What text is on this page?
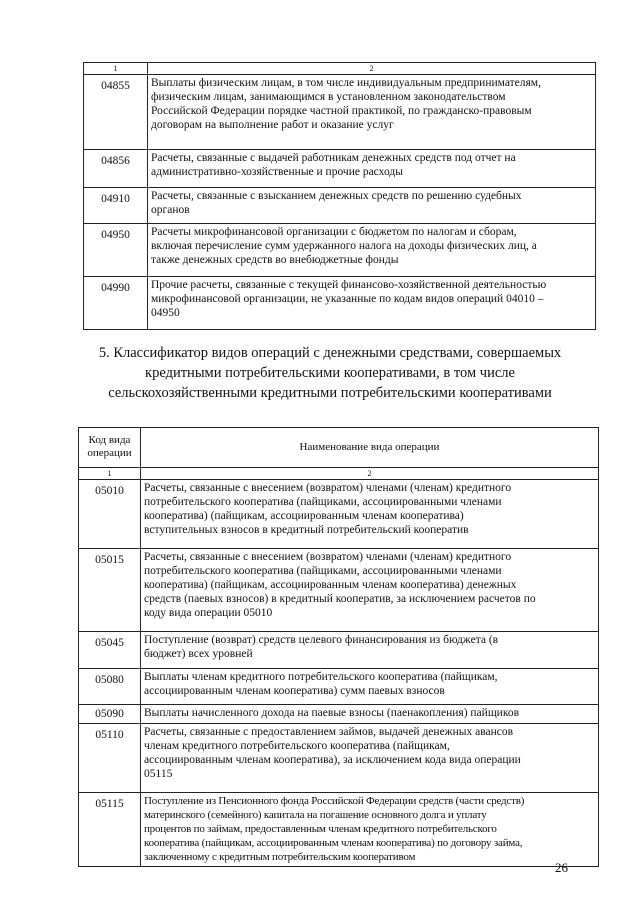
1	2
04855	Выплаты физическим лицам, в том числе индивидуальным предпринимателям,
физическим лицам, занимающимся в установленном законодательством
Российской Федерации порядке частной практикой, по гражданско-правовым
договорам на выполнение работ и оказание услуг
04856	Расчеты, связанные с выдачей работникам денежных средств под отчет на
административно-хозяйственные и прочие расходы
04910	Расчеты, связанные с взысканием денежных средств по решению судебных
органов
04950	Расчеты микрофинансовой организации с бюджетом по налогам и сборам,
включая перечисление сумм удержанного налога на доходы физических лиц, а
также денежных средств во внебюджетные фонды
04990	Прочие расчеты, связанные с текущей финансово-хозяйственной деятельностью
микрофинансовой организации, не указанные по кодам видов операций 04010 –
04950
5. Классификатор видов операций с денежными средствами, совершаемых
кредитными потребительскими кооперативами, в том числе
сельскохозяйственными кредитными потребительскими кооперативами
Код вида
операции	Наименование вида операции
1	2
05010	Расчеты, связанные с внесением (возвратом) членами (членам) кредитного
потребительского кооператива (пайщиками, ассоциированными членами
кооператива) (пайщикам, ассоциированным членам кооператива)
вступительных взносов в кредитный потребительский кооператив
05015	Расчеты, связанные с внесением (возвратом) членами (членам) кредитного
потребительского кооператива (пайщиками, ассоциированными членами
кооператива) (пайщикам, ассоциированным членам кооператива) денежных
средств (паевых взносов) в кредитный кооператив, за исключением расчетов по
коду вида операции 05010
05045	Поступление (возврат) средств целевого финансирования из бюджета (в
бюджет) всех уровней
05080	Выплаты членам кредитного потребительского кооператива (пайщикам,
ассоциированным членам кооператива) сумм паевых взносов
05090	Выплаты начисленного дохода на паевые взносы (паенакопления) пайщиков
05110	Расчеты, связанные с предоставлением займов, выдачей денежных авансов
членам кредитного потребительского кооператива (пайщикам,
ассоциированным членам кооператива), за исключением кода вида операции
05115
05115	Поступление из Пенсионного фонда Российской Федерации средств (части средств)
материнского (семейного) капитала на погашение основного долга и уплату
процентов по займам, предоставленным членам кредитного потребительского
кооператива (пайщикам, ассоциированным членам кооператива) по договору займа,
заключенному с кредитным потребительским кооперативом
26
